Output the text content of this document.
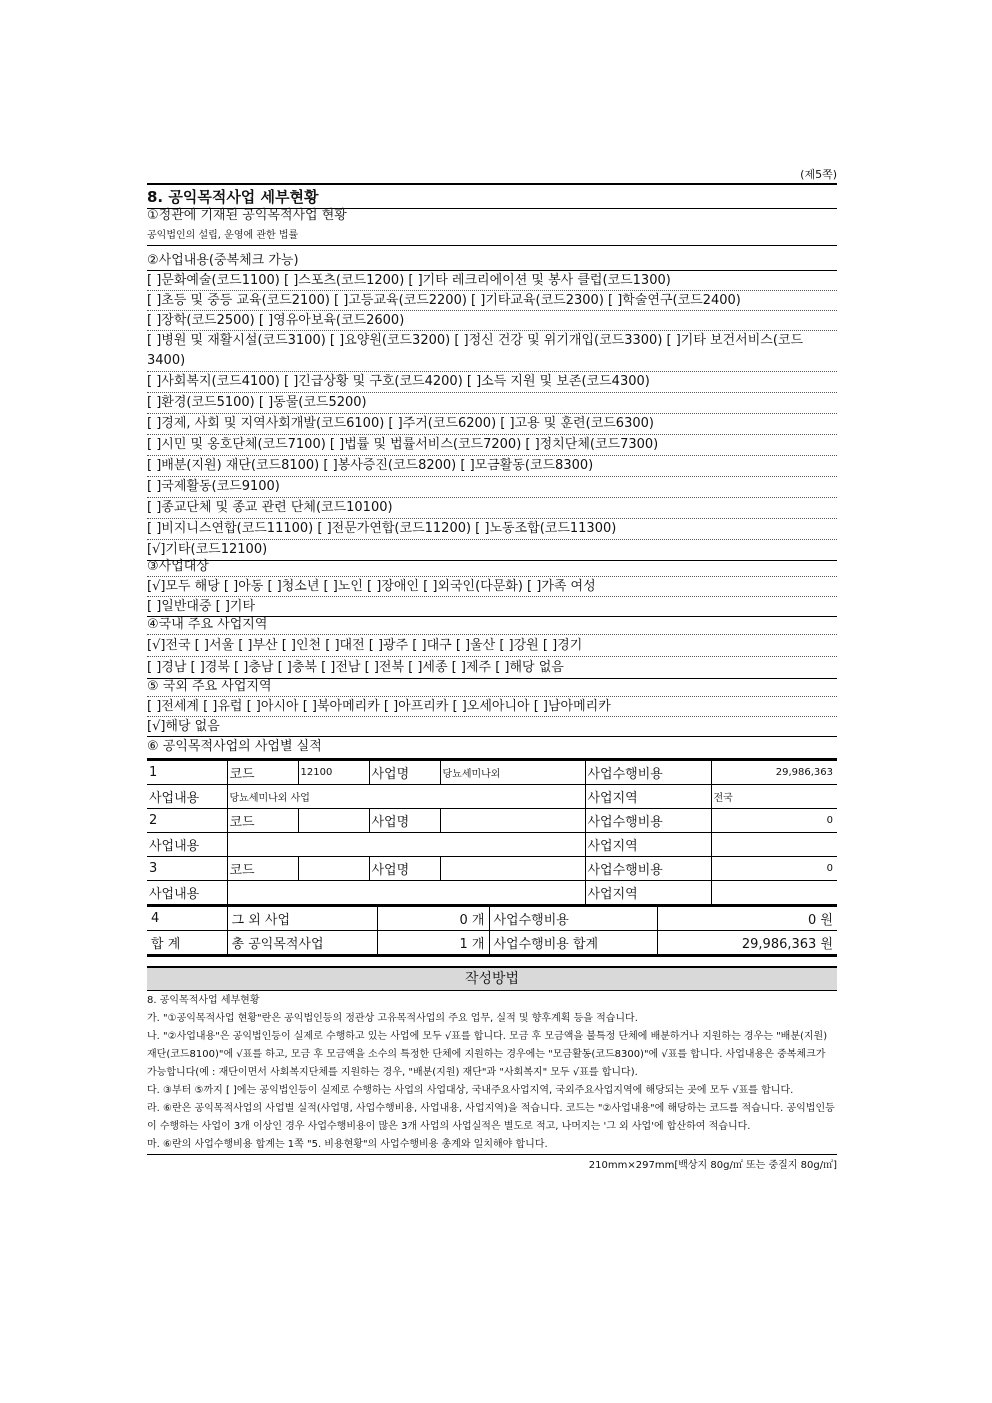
(제5쪽)
8. 공익목적사업 세부현황
①정관에 기재된 공익목적사업 현황
공익법인의 설립, 운영에 관한 법률
②사업내용(중복체크 가능)
[ ]문화예술(코드1100) [ ]스포츠(코드1200) [ ]기타 레크리에이션 및 봉사 클럽(코드1300)
[ ]초등 및 중등 교육(코드2100) [ ]고등교육(코드2200) [ ]기타교육(코드2300) [ ]학술연구(코드2400)
[ ]장학(코드2500) [ ]영유아보육(코드2600)
[ ]병원 및 재활시설(코드3100) [ ]요양원(코드3200) [ ]정신 건강 및 위기개입(코드3300) [ ]기타 보건서비스(코드3400)
[ ]사회복지(코드4100) [ ]긴급상황 및 구호(코드4200) [ ]소득 지원 및 보존(코드4300)
[ ]환경(코드5100) [ ]동물(코드5200)
[ ]경제, 사회 및 지역사회개발(코드6100) [ ]주거(코드6200) [ ]고용 및 훈련(코드6300)
[ ]시민 및 옹호단체(코드7100) [ ]법률 및 법률서비스(코드7200) [ ]정치단체(코드7300)
[ ]배분(지원) 재단(코드8100) [ ]봉사증진(코드8200) [ ]모금활동(코드8300)
[ ]국제활동(코드9100)
[ ]종교단체 및 종교 관련 단체(코드10100)
[ ]비지니스연합(코드11100) [ ]전문가연합(코드11200) [ ]노동조합(코드11300)
[√]기타(코드12100)
③사업대상
[√]모두 해당 [ ]아동 [ ]청소년 [ ]노인 [ ]장애인 [ ]외국인(다문화) [ ]가족 여성
[ ]일반대중 [ ]기타
④국내 주요 사업지역
[√]전국 [ ]서울 [ ]부산 [ ]인천 [ ]대전 [ ]광주 [ ]대구 [ ]울산 [ ]강원 [ ]경기
[ ]경남 [ ]경북 [ ]충남 [ ]충북 [ ]전남 [ ]전북 [ ]세종 [ ]제주 [ ]해당 없음
⑤ 국외 주요 사업지역
[ ]전세계 [ ]유럽 [ ]아시아 [ ]북아메리카 [ ]아프리카 [ ]오세아니아 [ ]남아메리카
[√]해당 없음
⑥ 공익목적사업의 사업별 실적
1	코드	12100	사업명	당뇨세미나외	사업수행비용	29,986,363
사업내용	당뇨세미나외 사업				사업지역	전국
2	코드		사업명		사업수행비용	0
사업내용					사업지역	
3	코드		사업명		사업수행비용	0
사업내용					사업지역	
4	그 외 사업	0 개	사업수행비용	0 원
합 계	총 공익목적사업	1 개	사업수행비용 합계	29,986,363 원
작성방법

8. 공익목적사업 세부현황

가. "①공익목적사업 현황"란은 공익법인등의 정관상 고유목적사업의 주요 업무, 실적 및 향후계획 등을 적습니다.

나. "②사업내용"은 공익법인등이 실제로 수행하고 있는 사업에 모두 √표를 합니다. 모금 후 모금액을 불특정 단체에 배분하거나 지원하는 경우는 "배분(지원) 재단(코드8100)"에 √표를 하고, 모금 후 모금액을 소수의 특정한 단체에 지원하는 경우에는 "모금활동(코드8300)"에 √표를 합니다. 사업내용은 중복체크가 가능합니다(예 : 재단이면서 사회복지단체를 지원하는 경우, "배분(지원) 재단"과 "사회복지" 모두 √표를 합니다).

다. ③부터 ⑤까지 [ ]에는 공익법인등이 실제로 수행하는 사업의 사업대상, 국내주요사업지역, 국외주요사업지역에 해당되는 곳에 모두 √표를 합니다.

라. ⑥란은 공익목적사업의 사업별 실적(사업명, 사업수행비용, 사업내용, 사업지역)을 적습니다. 코드는 "②사업내용"에 해당하는 코드를 적습니다. 공익법인등이 수행하는 사업이 3개 이상인 경우 사업수행비용이 많은 3개 사업의 사업실적은 별도로 적고, 나머지는 '그 외 사업'에 합산하여 적습니다.

마. ⑥란의 사업수행비용 합계는 1쪽 "5. 비용현황"의 사업수행비용 총계와 일치해야 합니다.

210mm×297mm[백상지 80g/㎡ 또는 중질지 80g/㎡]
